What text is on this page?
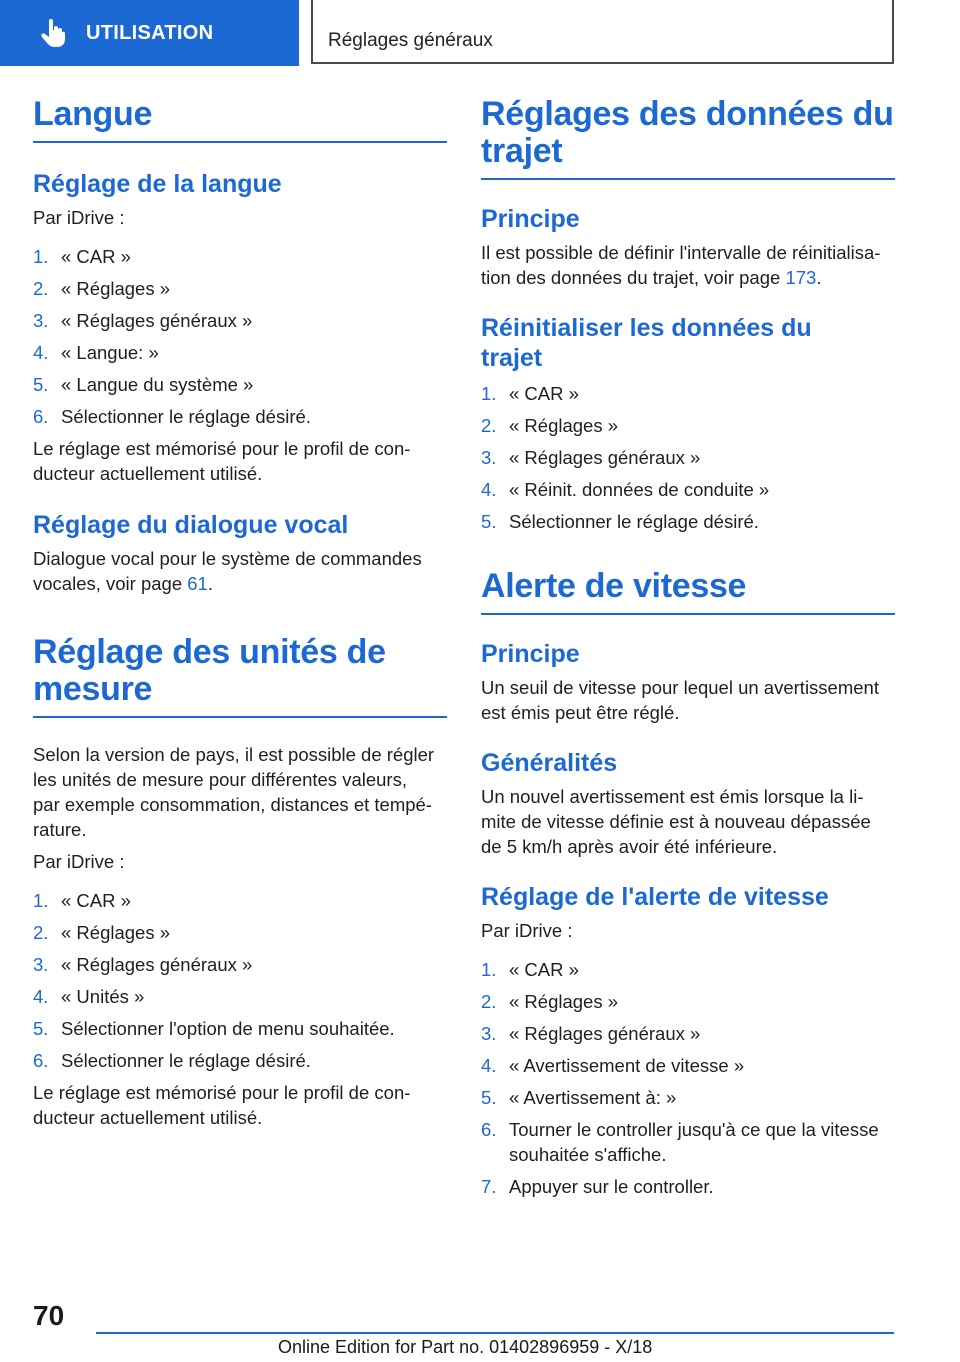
UTILISATION	Réglages généraux
Langue
Réglage de la langue

Par iDrive :

1. « CAR »
2. « Réglages »
3. « Réglages généraux »
4. « Langue: »
5. « Langue du système »
6. Sélectionner le réglage désiré.

Le réglage est mémorisé pour le profil de con‐
ducteur actuellement utilisé.

Réglage du dialogue vocal

Dialogue vocal pour le système de commandes
vocales, voir page 61.

Réglage des unités de
mesure

Selon la version de pays, il est possible de régler
les unités de mesure pour différentes valeurs,
par exemple consommation, distances et tempé‐
rature.

Par iDrive :

1. « CAR »
2. « Réglages »
3. « Réglages généraux »
4. « Unités »
5. Sélectionner l'option de menu souhaitée.
6. Sélectionner le réglage désiré.

Le réglage est mémorisé pour le profil de con‐
ducteur actuellement utilisé.

Réglages des données du
trajet
Principe

Il est possible de définir l'intervalle de réinitialisa‐
tion des données du trajet, voir page 173.

Réinitialiser les données du
trajet
1. « CAR »
2. « Réglages »
3. « Réglages généraux »
4. « Réinit. données de conduite »
5. Sélectionner le réglage désiré.
Alerte de vitesse
Principe

Un seuil de vitesse pour lequel un avertissement
est émis peut être réglé.

Généralités

Un nouvel avertissement est émis lorsque la li‐
mite de vitesse définie est à nouveau dépassée
de 5 km/h après avoir été inférieure.

Réglage de l'alerte de vitesse

Par iDrive :

1. « CAR »
2. « Réglages »
3. « Réglages généraux »
4. « Avertissement de vitesse »
5. « Avertissement à: »
6. Tourner le controller jusqu'à ce que la vitesse
souhaitée s'affiche.
7. Appuyer sur le controller.
70
Online Edition for Part no. 01402896959 - X/18
